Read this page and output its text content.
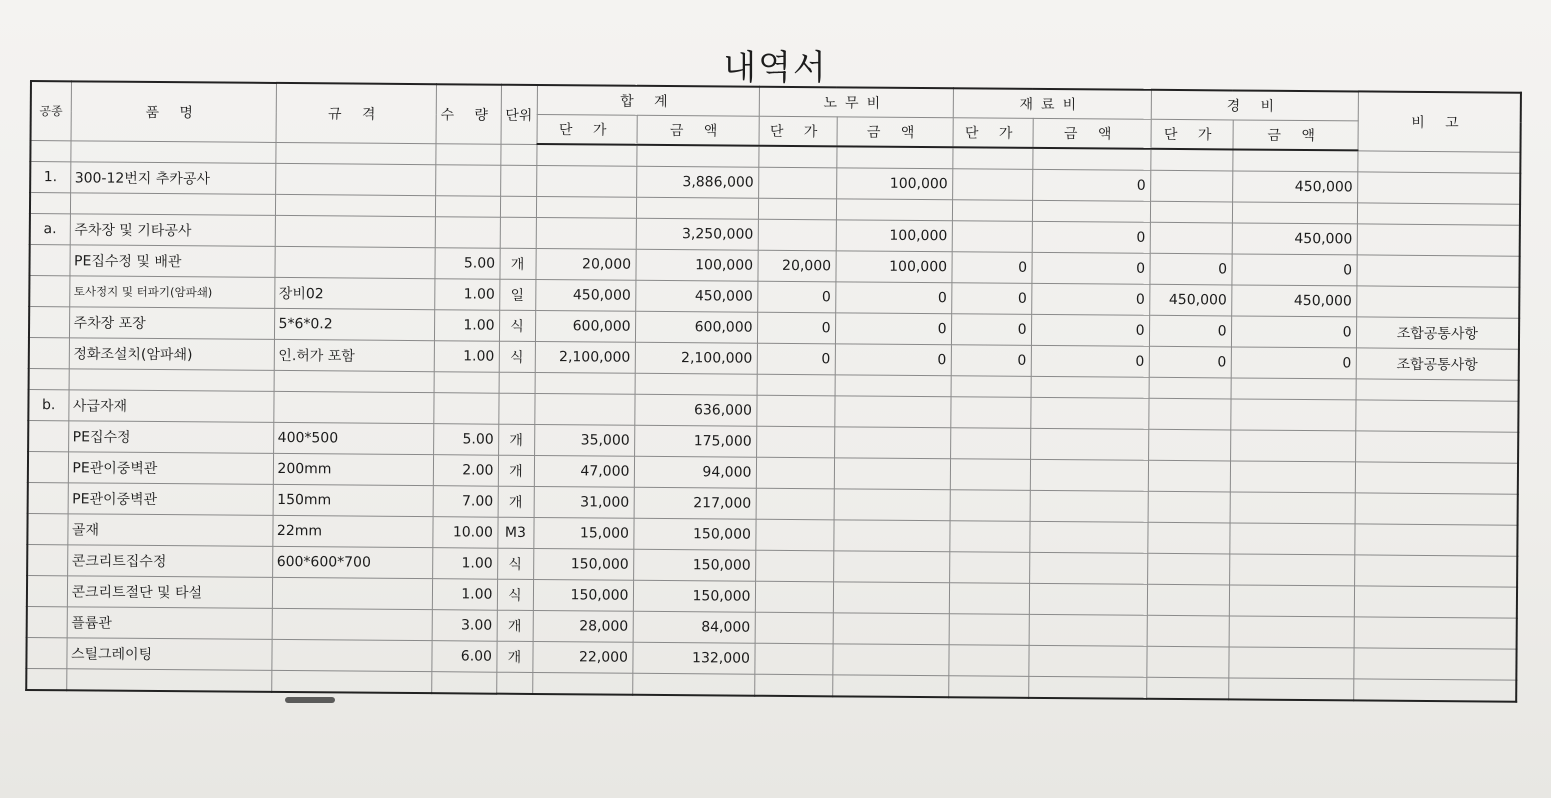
내역서
공종	품 명	규 격	수 량	단위	합 계		노무비		재료비		경 비		비 고
					단 가	금 액	단 가	금 액	단 가	금 액	단 가	금 액	

1.	300-12번지 추카공사					3,886,000		100,000		0		450,000	

a.	주차장 및 기타공사					3,250,000		100,000		0		450,000	
	PE집수정 및 배관		5.00	개	20,000	100,000	20,000	100,000	0	0	0	0	
	토사정지 및 터파기(암파쇄)	장비02	1.00	일	450,000	450,000	0	0	0	0	450,000	450,000	
	주차장 포장	5*6*0.2	1.00	식	600,000	600,000	0	0	0	0	0	0	조합공통사항
	정화조설치(암파쇄)	인.허가 포함	1.00	식	2,100,000	2,100,000	0	0	0	0	0	0	조합공통사항

b.	사급자재					636,000							
	PE집수정	400*500	5.00	개	35,000	175,000							
	PE관이중벽관	200mm	2.00	개	47,000	94,000							
	PE관이중벽관	150mm	7.00	개	31,000	217,000							
	골재	22mm	10.00	M3	15,000	150,000							
	콘크리트집수정	600*600*700	1.00	식	150,000	150,000							
	콘크리트절단 및 타설		1.00	식	150,000	150,000							
	플륨관		3.00	개	28,000	84,000							
	스틸그레이팅		6.00	개	22,000	132,000							
